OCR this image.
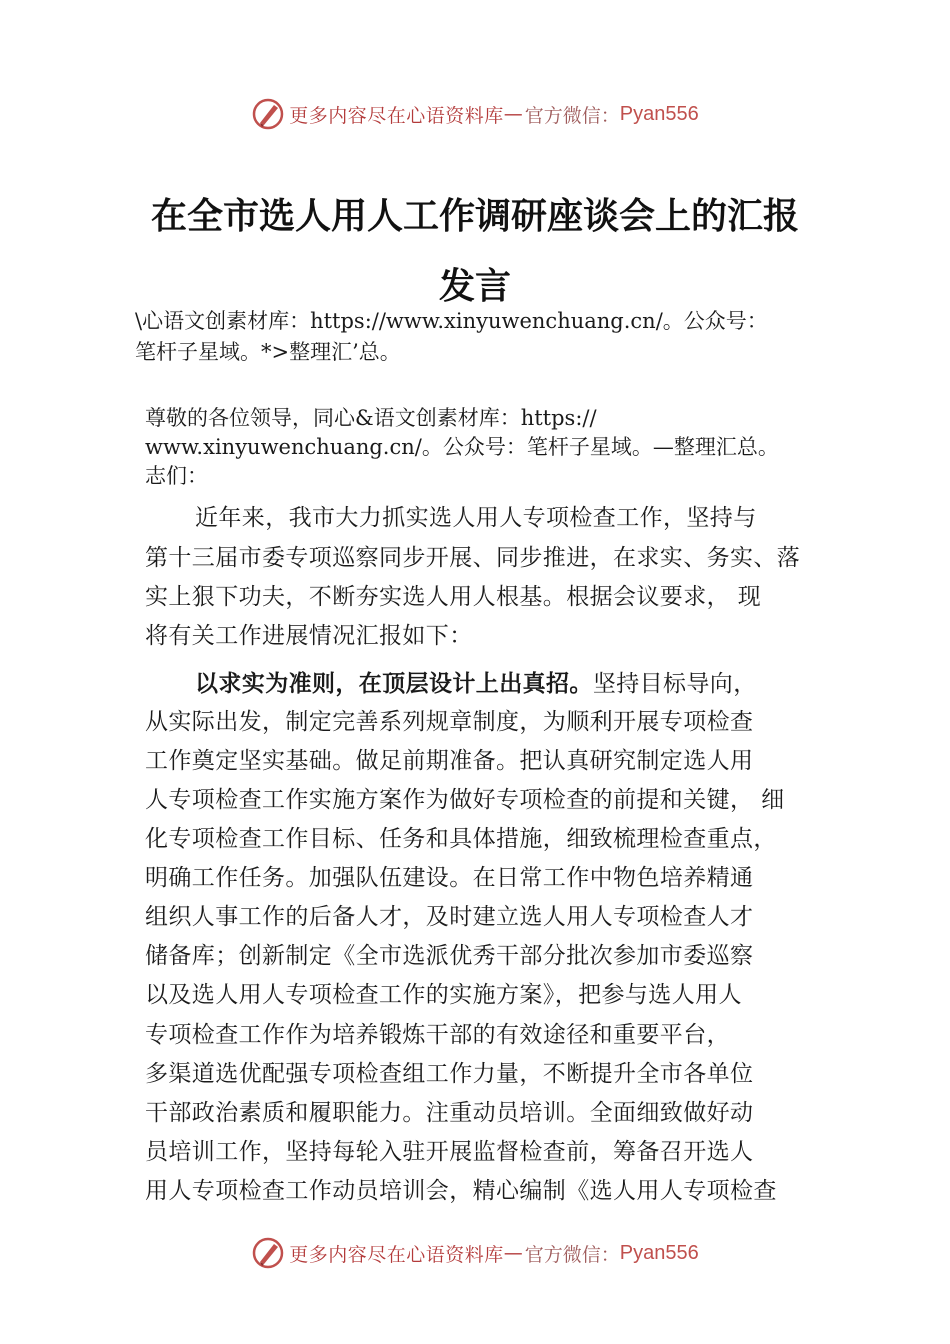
更多内容尽在心语资料库 — 官方微信： Pyan556
在全市选人用人工作调研座谈会上的汇报
发言
\心语文创素材库：https://www.xinyuwenchuang.cn/。公众号：
笔杆子星域。*>整理汇’总。
尊敬的各位领导，同心&语文创素材库：https://
www.xinyuwenchuang.cn/。公众号：笔杆子星域。—整理汇总。
志们：
近年来，我市大力抓实选人用人专项检查工作，坚持与
第十三届市委专项巡察同步开展、同步推进，在求实、务实、落
实上狠下功夫，不断夯实选人用人根基。根据会议要求， 现
将有关工作进展情况汇报如下：
以求实为准则，在顶层设计上出真招。坚持目标导向，
从实际出发，制定完善系列规章制度，为顺利开展专项检查
工作奠定坚实基础。做足前期准备。把认真研究制定选人用
人专项检查工作实施方案作为做好专项检查的前提和关键， 细
化专项检查工作目标、任务和具体措施，细致梳理检查重点，
明确工作任务。加强队伍建设。在日常工作中物色培养精通
组织人事工作的后备人才，及时建立选人用人专项检查人才
储备库；创新制定《全市选派优秀干部分批次参加市委巡察
以及选人用人专项检查工作的实施方案》，把参与选人用人
专项检查工作作为培养锻炼干部的有效途径和重要平台，
多渠道选优配强专项检查组工作力量，不断提升全市各单位
干部政治素质和履职能力。注重动员培训。全面细致做好动
员培训工作，坚持每轮入驻开展监督检查前，筹备召开选人
用人专项检查工作动员培训会，精心编制《选人用人专项检查
更多内容尽在心语资料库 — 官方微信： Pyan556
